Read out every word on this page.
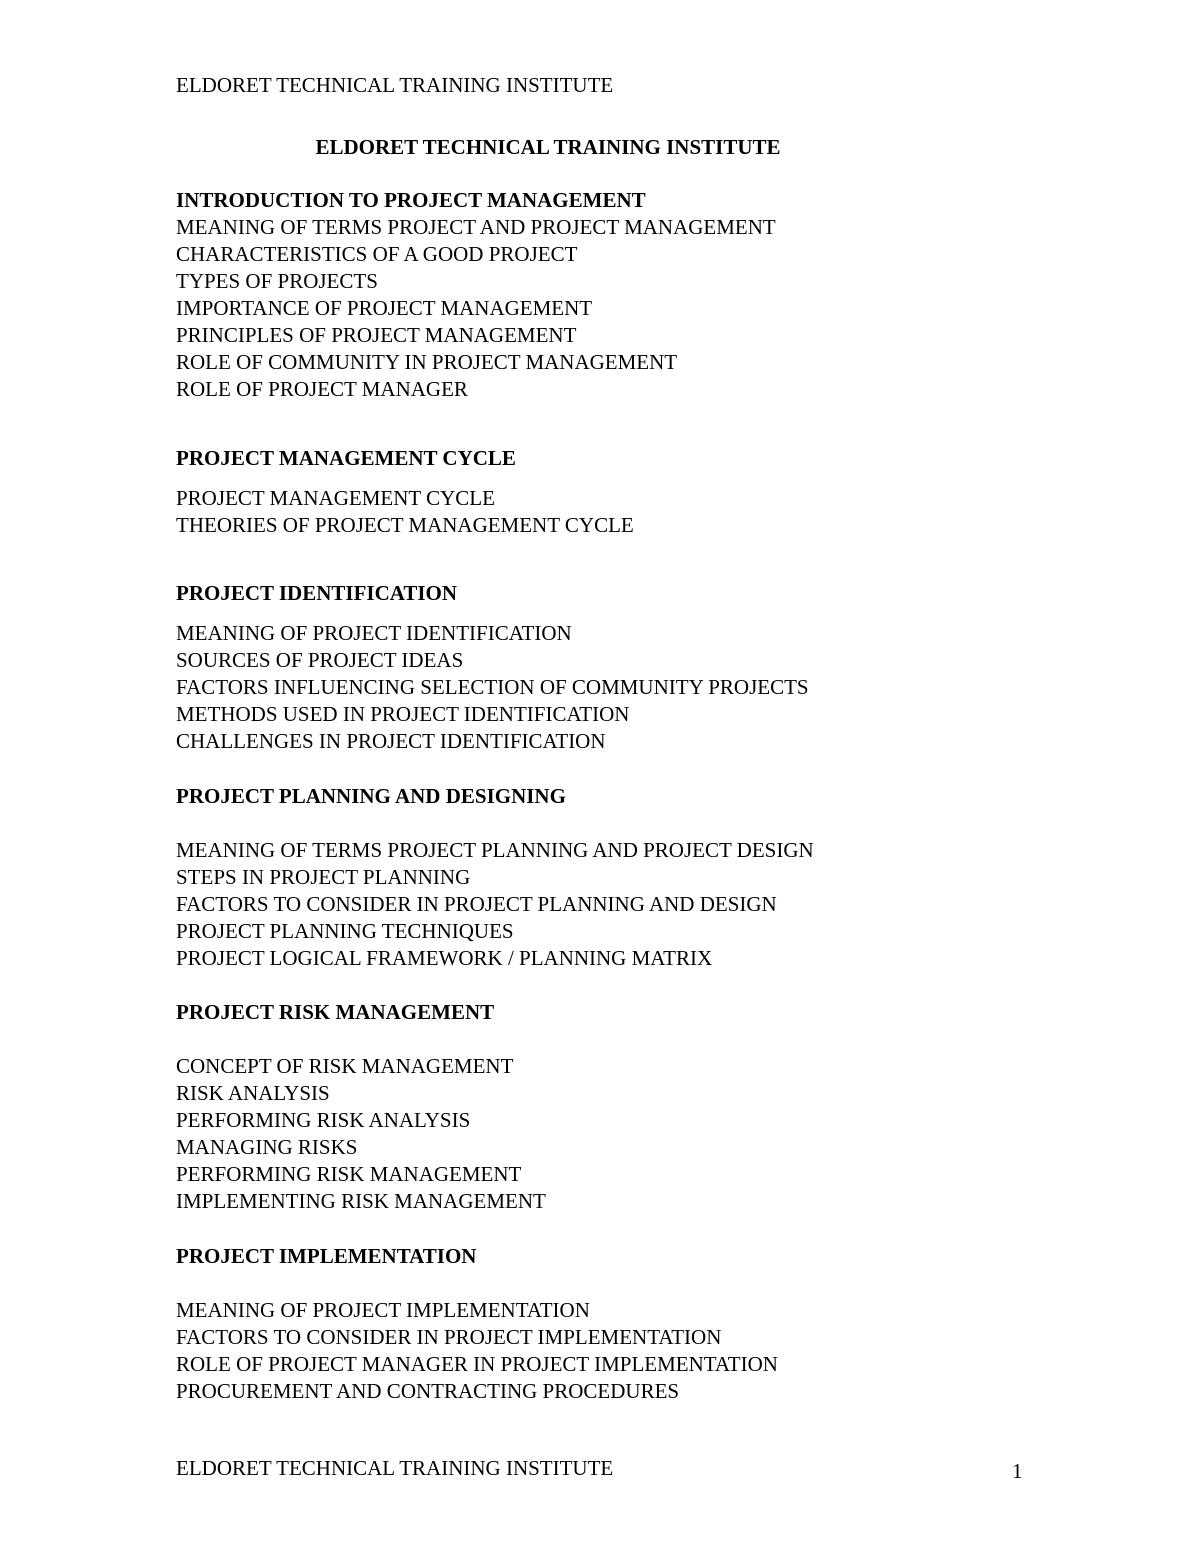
ELDORET TECHNICAL TRAINING INSTITUTE
ELDORET TECHNICAL TRAINING INSTITUTE
INTRODUCTION TO PROJECT MANAGEMENT
MEANING OF TERMS PROJECT AND PROJECT MANAGEMENT
CHARACTERISTICS OF A GOOD PROJECT
TYPES OF PROJECTS
IMPORTANCE OF PROJECT MANAGEMENT
PRINCIPLES OF PROJECT MANAGEMENT
ROLE OF COMMUNITY IN PROJECT MANAGEMENT
ROLE OF PROJECT MANAGER
PROJECT MANAGEMENT CYCLE
PROJECT MANAGEMENT CYCLE
THEORIES OF PROJECT MANAGEMENT CYCLE
PROJECT IDENTIFICATION
MEANING OF PROJECT IDENTIFICATION
SOURCES OF PROJECT IDEAS
FACTORS INFLUENCING SELECTION OF COMMUNITY PROJECTS
METHODS USED IN PROJECT IDENTIFICATION
CHALLENGES IN PROJECT IDENTIFICATION
PROJECT PLANNING AND DESIGNING
MEANING OF TERMS PROJECT PLANNING AND PROJECT DESIGN
STEPS IN PROJECT PLANNING
FACTORS TO CONSIDER IN PROJECT PLANNING AND DESIGN
PROJECT PLANNING TECHNIQUES
PROJECT LOGICAL FRAMEWORK / PLANNING MATRIX
PROJECT RISK MANAGEMENT
CONCEPT OF RISK MANAGEMENT
RISK ANALYSIS
PERFORMING RISK ANALYSIS
MANAGING RISKS
PERFORMING RISK MANAGEMENT
IMPLEMENTING RISK MANAGEMENT
PROJECT IMPLEMENTATION
MEANING OF PROJECT IMPLEMENTATION
FACTORS TO CONSIDER IN PROJECT IMPLEMENTATION
ROLE OF PROJECT MANAGER IN PROJECT IMPLEMENTATION
PROCUREMENT AND CONTRACTING PROCEDURES
ELDORET TECHNICAL TRAINING INSTITUTE	1
